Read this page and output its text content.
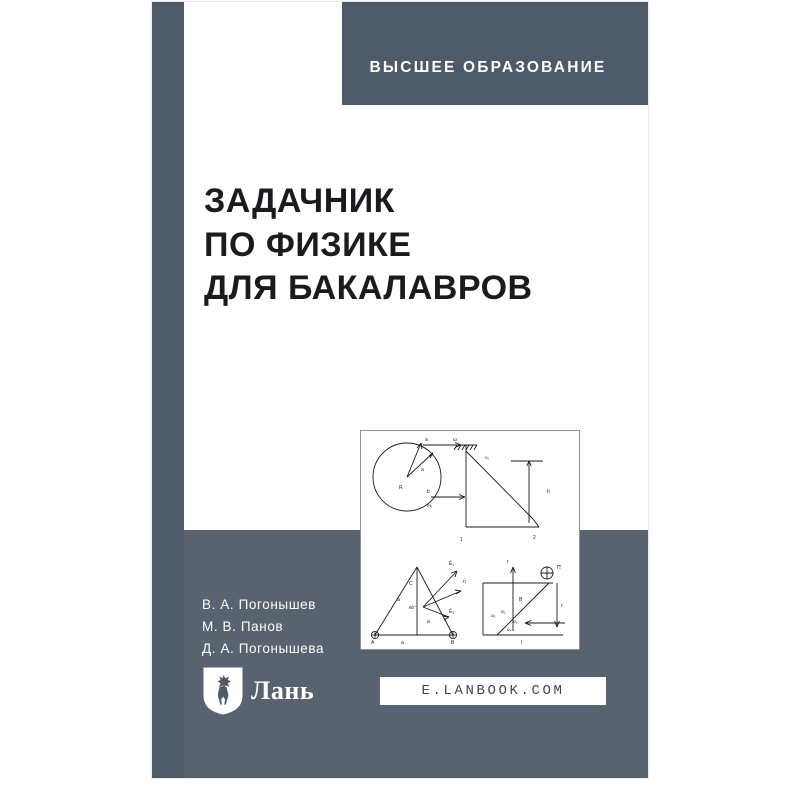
ВЫСШЕЕ ОБРАЗОВАНИЕ
ЗАДАЧНИК
ПО ФИЗИКЕ
ДЛЯ БАКАЛАВРОВ
a	ω
R
a
h
v₀
b
m₁
1	2
Ē₁
n̄
Ē₂
a
C
60°
a
A	B
a
r
B
П̄
r
α₃
α₂
α₁
α₄
l
В. А. Погонышев
М. В. Панов
Д. А. Погонышева
Лань	E.LANBOOK.COM
